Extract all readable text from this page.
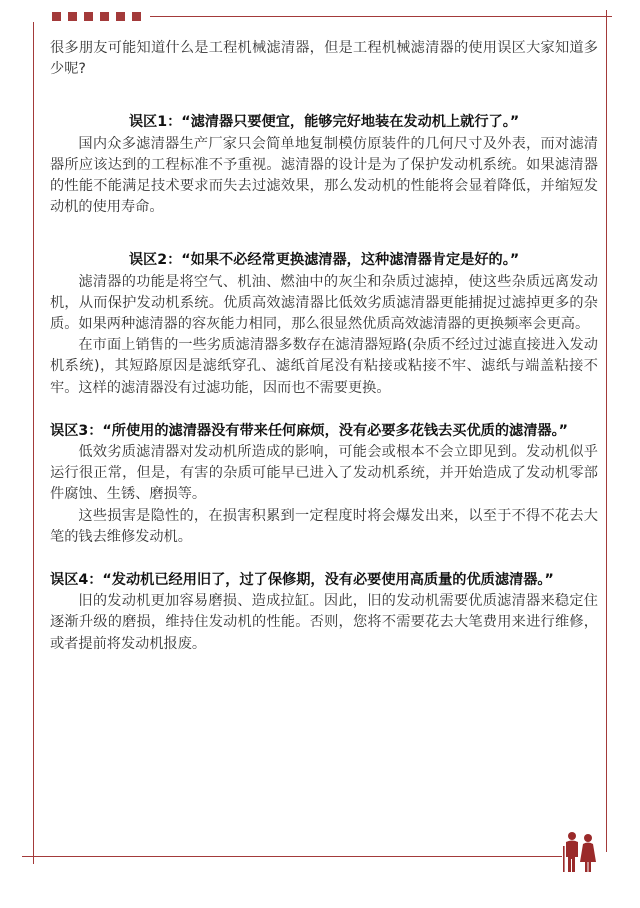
很多朋友可能知道什么是工程机械滤清器，但是工程机械滤清器的使用误区大家知道多少呢?

误区1：“滤清器只要便宜，能够完好地装在发动机上就行了。”

国内众多滤清器生产厂家只会简单地复制模仿原装件的几何尺寸及外表，而对滤清器所应该达到的工程标准不予重视。滤清器的设计是为了保护发动机系统。如果滤清器的性能不能满足技术要求而失去过滤效果，那么发动机的性能将会显着降低，并缩短发动机的使用寿命。

误区2：“如果不必经常更换滤清器，这种滤清器肯定是好的。”

滤清器的功能是将空气、机油、燃油中的灰尘和杂质过滤掉，使这些杂质远离发动机，从而保护发动机系统。优质高效滤清器比低效劣质滤清器更能捕捉过滤掉更多的杂质。如果两种滤清器的容灰能力相同，那么很显然优质高效滤清器的更换频率会更高。

在市面上销售的一些劣质滤清器多数存在滤清器短路(杂质不经过过滤直接进入发动机系统)，其短路原因是滤纸穿孔、滤纸首尾没有粘接或粘接不牢、滤纸与端盖粘接不牢。这样的滤清器没有过滤功能，因而也不需要更换。

误区3：“所使用的滤清器没有带来任何麻烦，没有必要多花钱去买优质的滤清器。”

低效劣质滤清器对发动机所造成的影响，可能会或根本不会立即见到。发动机似乎运行很正常，但是，有害的杂质可能早已进入了发动机系统，并开始造成了发动机零部件腐蚀、生锈、磨损等。

这些损害是隐性的，在损害积累到一定程度时将会爆发出来，以至于不得不花去大笔的钱去维修发动机。

误区4：“发动机已经用旧了，过了保修期，没有必要使用高质量的优质滤清器。”

旧的发动机更加容易磨损、造成拉缸。因此，旧的发动机需要优质滤清器来稳定住逐渐升级的磨损，维持住发动机的性能。否则，您将不需要花去大笔费用来进行维修，或者提前将发动机报废。
